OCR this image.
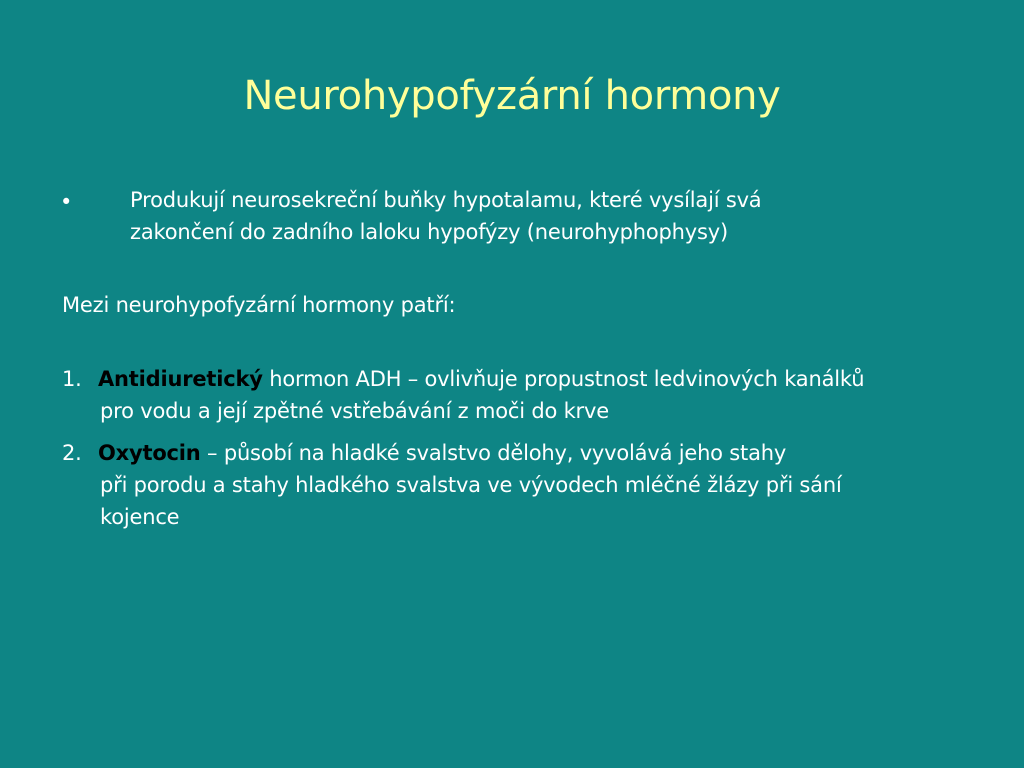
Neurohypofyzární hormony
•	Produkují neurosekreční buňky hypotalamu, které vysílají svá
zakončení do zadního laloku hypofýzy (neurohyphophysy)
Mezi neurohypofyzární hormony patří:
1. Antidiuretický hormon ADH – ovlivňuje propustnost ledvinových kanálků
pro vodu a její zpětné vstřebávání z moči do krve
2. Oxytocin – působí na hladké svalstvo dělohy, vyvolává jeho stahy
při porodu a stahy hladkého svalstva ve vývodech mléčné žlázy při sání
kojence
